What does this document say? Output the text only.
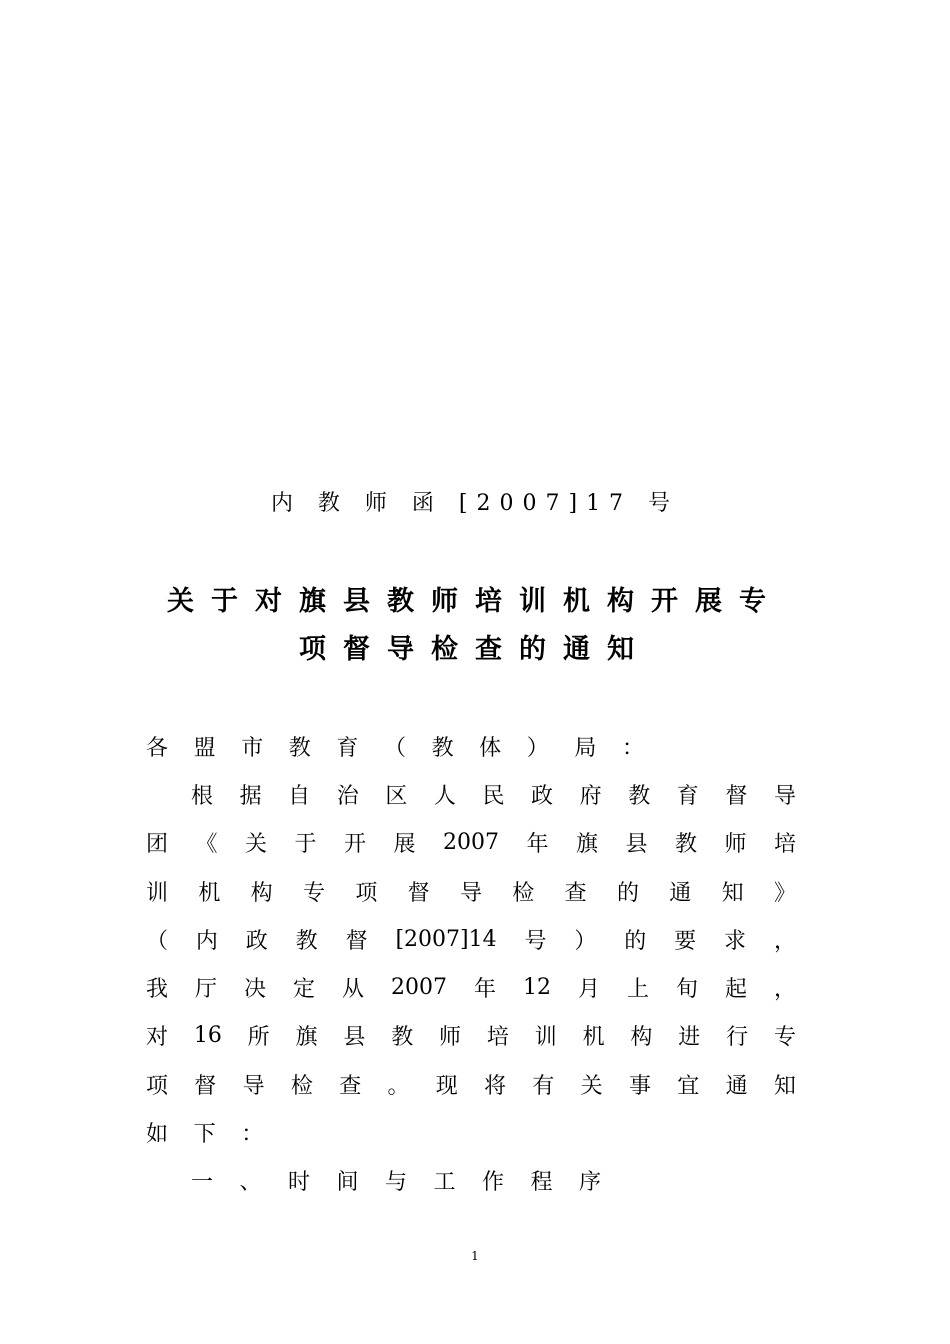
内 教 师 函 [2007]17 号
关于对旗县教师培训机构开展专
项督导检查的通知
各	盟	市	教	育	（	教	体	）	局	：
根 据 自 治 区 人 民 政 府 教 育 督 导
团 《 关 于 开 展 2007 年 旗 县 教 师 培
训 机 构 专 项 督 导 检 查 的 通 知 》
（ 内 政 教 督 [2007]14 号 ） 的 要 求 ，
我 厅 决 定 从 2007 年 12 月 上 旬 起 ，
对 16 所 旗 县 教 师 培 训 机 构 进 行 专
项 督 导 检 查 。 现 将 有 关 事 宜 通 知
如	下	：
一	、	时	间	与	工	作	程	序
1
